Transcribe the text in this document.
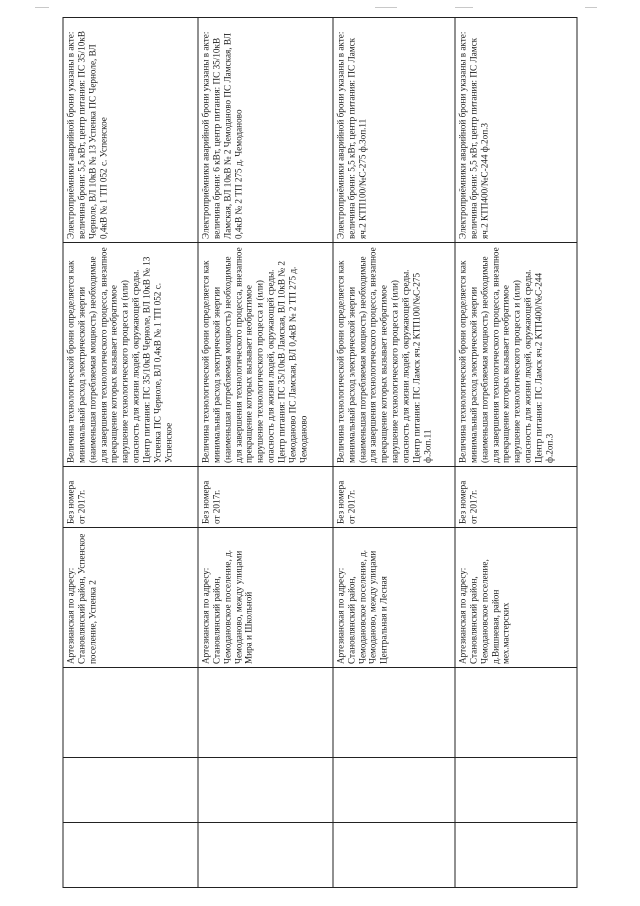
			Артезианская по адресу: Становлянский район, Успенское поселение, Успенка 2	Без номера от 2017г.	Величина технологической брони определяется как минимальный расход электрической энергии (наименьшая потребляемая мощность) необходимые для завершения технологического процесса, внезапное прекращение которых вызывает необратимое нарушение технологического процесса и (или) опасность для жизни людей, окружающей среды. Центр питания: ПС 35/10кВ Черноле, ВЛ 10кВ № 13 Успенка ПС Черноле, ВЛ 0,4кВ № 1 ТП 052 с. Успенское	Электроприёмники аварийной брони указаны в акте: величина брони: 5,5 кВт, центр питания: ПС 35/10кВ Черноле, ВЛ 10кВ № 13 Успенка ПС Черноле, ВЛ 0,4кВ № 1 ТП 052 с. Успенское
			Артезианская по адресу: Становлянский район, Чемодановское поселение, д. Чемоданово, между улицами Мира и Школьной	Без номера от 2017г.	Величина технологической брони определяется как минимальный расход электрической энергии (наименьшая потребляемая мощность) необходимые для завершения технологического процесса, внезапное прекращение которых вызывает необратимое нарушение технологического процесса и (или) опасность для жизни людей, окружающей среды. Центр питания: ПС 35/10кВ Ламская, ВЛ 10кВ № 2 Чемоданово ПС Ламская, ВЛ 0,4кВ № 2 ТП 275 д. Чемоданово	Электроприёмники аварийной брони указаны в акте: величина брони: 6 кВт, центр питания: ПС 35/10кВ Ламская, ВЛ 10кВ № 2 Чемоданово ПС Ламская, ВЛ 0,4кВ № 2 ТП 275 д. Чемоданово
			Артезианская по адресу: Становлянский район, Чемодановское поселение, д. Чемоданово, между улицами Центральная и Лесная	Без номера от 2017г.	Величина технологической брони определяется как минимальный расход электрической энергии (наименьшая потребляемая мощность) необходимые для завершения технологического процесса, внезапное прекращение которых вызывает необратимое нарушение технологического процесса и (или) опасность для жизни людей, окружающей среды. Центр питания: ПС Ламск яч.2 КТП100/№С-275 ф.3оп.11	Электроприёмники аварийной брони указаны в акте: величина брони: 5,5 кВт, центр питания: ПС Ламск яч.2 КТП100/№С-275 ф.3оп.11
			Артезианская по адресу: Становлянский район, Чемодановское поселение, д.Вишневая, район мех.мастерских	Без номера от 2017г.	Величина технологической брони определяется как минимальный расход электрической энергии (наименьшая потребляемая мощность) необходимые для завершения технологического процесса, внезапное прекращение которых вызывает необратимое нарушение технологического процесса и (или) опасность для жизни людей, окружающей среды. Центр питания: ПС Ламск яч.2 КТП400/№С-244 ф.2оп.3	Электроприёмники аварийной брони указаны в акте: величина брони: 5,5 кВт, центр питания: ПС Ламск яч.2 КТП400/№С-244 ф.2оп.3
